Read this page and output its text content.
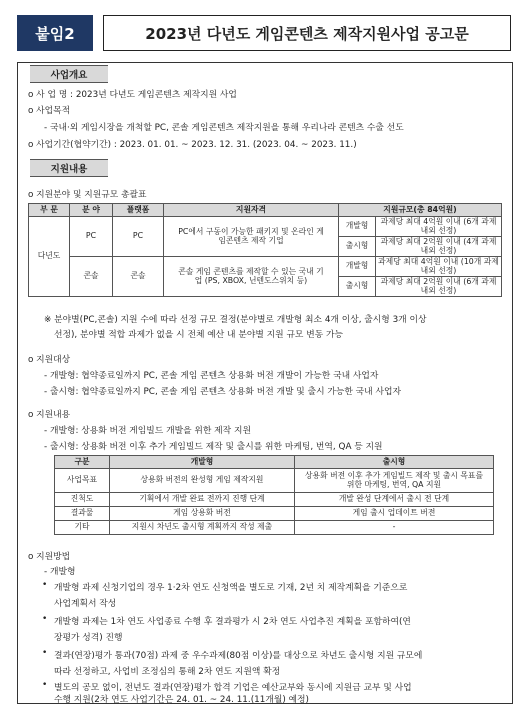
붙임2	2023년 다년도 게임콘텐츠 제작지원사업 공고문
사업개요
o 사 업 명 : 2023년 다년도 게임콘텐츠 제작지원 사업
o 사업목적
- 국내·외 게임시장을 개척할 PC, 콘솔 게임콘텐츠 제작지원을 통해 우리나라 콘텐츠 수출 선도
o 사업기간(협약기간) : 2023. 01. 01. ~ 2023. 12. 31. (2023. 04. ~ 2023. 11.)
지원내용
o 지원분야 및 지원규모 총괄표
부 문	분 야	플랫폼	지원자격	지원규모(총 84억원)	
다년도	PC	PC	PC에서 구동이 가능한 패키지 및 온라인 게임콘텐츠 제작 기업	개발형	과제당 최대 4억원 이내 (6개 과제 내외 선정)
				출시형	과제당 최대 2억원 이내 (4개 과제 내외 선정)
	콘솔	콘솔	콘솔 게임 콘텐츠를 제작할 수 있는 국내 기업 (PS, XBOX, 닌텐도스위치 등)	개발형	과제당 최대 4억원 이내 (10개 과제 내외 선정)
				출시형	과제당 최대 2억원 이내 (6개 과제 내외 선정)
※ 분야별(PC,콘솔) 지원 수에 따라 선정 규모 결정(분야별로 개발형 최소 4개 이상, 출시형 3개 이상
선정), 분야별 적합 과제가 없을 시 전체 예산 내 분야별 지원 규모 변동 가능
o 지원대상
- 개발형: 협약종료일까지 PC, 콘솔 게임 콘텐츠 상용화 버전 개발이 가능한 국내 사업자
- 출시형: 협약종료일까지 PC, 콘솔 게임 콘텐츠 상용화 버전 개발 및 출시 가능한 국내 사업자
o 지원내용
- 개발형: 상용화 버전 게임빌드 개발을 위한 제작 지원
- 출시형: 상용화 버전 이후 추가 게임빌드 제작 및 출시를 위한 마케팅, 번역, QA 등 지원
구분	개발형	출시형
사업목표	상용화 버전의 완성형 게임 제작지원	상용화 버전 이후 추가 게임빌드 제작 및 출시 목표를 위한 마케팅, 번역, QA 지원
진척도	기획에서 개발 완료 전까지 진행 단계	개발 완성 단계에서 출시 전 단계
결과물	게임 상용화 버전	게임 출시 업데이트 버전
기타	지원시 차년도 출시형 계획까지 작성 제출	-
o 지원방법
- 개발형
• 개발형 과제 신청기업의 경우 1·2차 연도 신청액을 별도로 기재, 2년 치 제작계획을 기준으로
사업계획서 작성
• 개발형 과제는 1차 연도 사업종료 수행 후 결과평가 시 2차 연도 사업추진 계획을 포함하여(연
장평가 성격) 진행
• 결과(연장)평가 통과(70점) 과제 중 우수과제(80점 이상)를 대상으로 차년도 출시형 지원 규모에
따라 선정하고, 사업비 조정심의 통해 2차 연도 지원액 확정
• 별도의 공모 없이, 전년도 결과(연장)평가 합격 기업은 예산교부와 동시에 지원금 교부 및 사업
수행 지원(2차 연도 사업기간은 24. 01. ~ 24. 11.(11개월) 예정)
